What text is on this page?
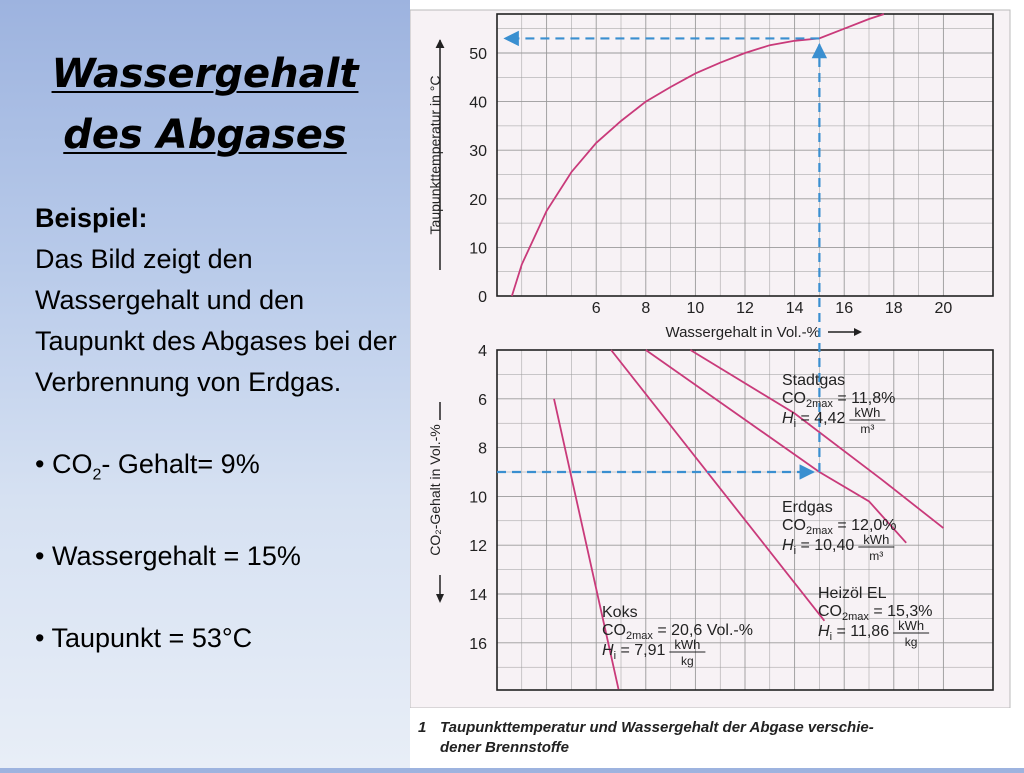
Wassergehalt
des Abgases
Beispiel:
Das Bild zeigt den Wassergehalt und den Taupunkt des Abgases bei der Verbrennung von Erdgas.
• $CO_2-$ Gehalt= 9%
• Wassergehalt = 15%
• Taupunkt = 53°C
Taupunkttemperatur in °C
Wassergehalt in Vol.-%
CO₂-Gehalt in Vol.-%
0
10
20
30
40
50
6	8 10 12 14 16 18 20
4
6
8
10
12
14
16
Koks
$CO_{2max} = 20,6$ Vol.-%
$H_i = 7,91$ kWh
kg
Heizöl EL
$CO_{2max} = 15,3\%$
$H_i = 11,86$ kWh
kg
Erdgas
$CO_{2max} = 12,0\%$
$H_i = 10,40$ kWh
m³
Stadtgas
$CO_{2max} = 11,8\%$
$H_i = 4,42$ kWh
m³
1 Taupunkttemperatur und Wassergehalt der Abgase verschie-
dener Brennstoffe
